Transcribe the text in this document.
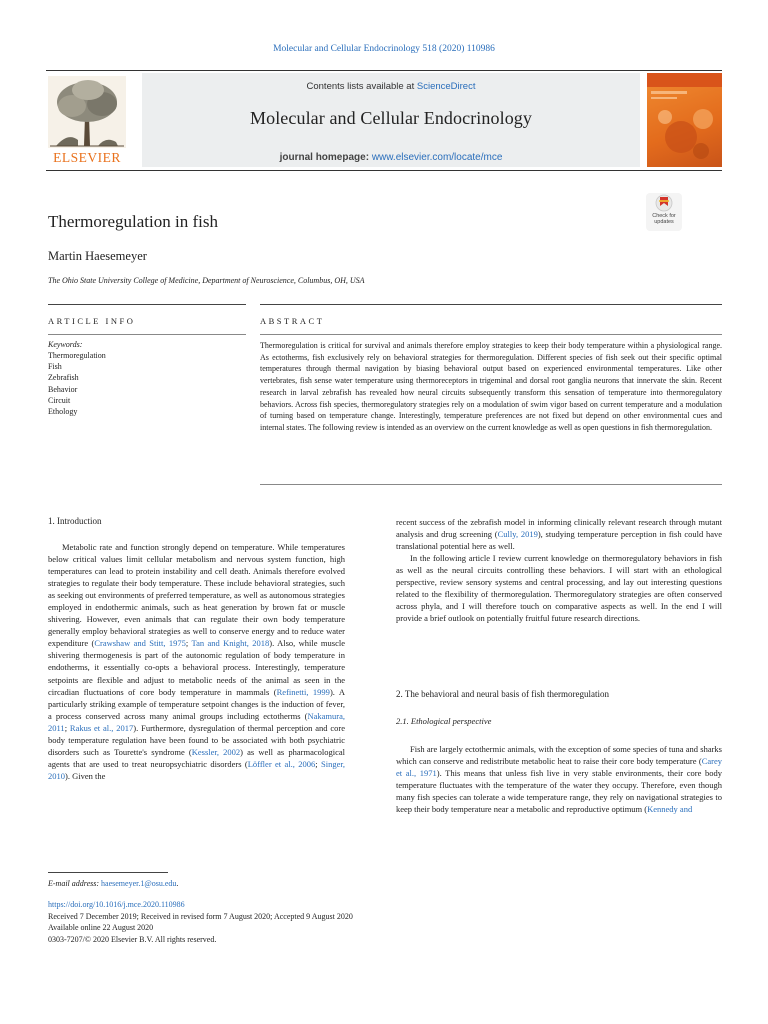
Molecular and Cellular Endocrinology 518 (2020) 110986
ELSEVIER
Contents lists available at ScienceDirect
Molecular and Cellular Endocrinology
journal homepage: www.elsevier.com/locate/mce
Check for updates
Thermoregulation in fish
Martin Haesemeyer
The Ohio State University College of Medicine, Department of Neuroscience, Columbus, OH, USA
ARTICLE INFO	ABSTRACT
Keywords:
Thermoregulation
Fish
Zebrafish
Behavior
Circuit
Ethology
Thermoregulation is critical for survival and animals therefore employ strategies to keep their body temperature within a physiological range. As ectotherms, fish exclusively rely on behavioral strategies for thermoregulation. Different species of fish seek out their specific optimal temperatures through thermal navigation by biasing behavioral output based on experienced environmental temperatures. Like other vertebrates, fish sense water temperature using thermoreceptors in trigeminal and dorsal root ganglia neurons that innervate the skin. Recent research in larval zebrafish has revealed how neural circuits subsequently transform this sensation of temperature into thermoregulatory behaviors. Across fish species, thermoregulatory strategies rely on a modulation of swim vigor based on current temperature and a modulation of turning based on temperature change. Interestingly, temperature preferences are not fixed but depend on other environmental cues and internal states. The following review is intended as an overview on the current knowledge as well as open questions in fish thermoregulation.
1. Introduction

Metabolic rate and function strongly depend on temperature. While temperatures below critical values limit cellular metabolism and nervous system function, high temperatures can lead to protein instability and cell death. Animals therefore evolved strategies to regulate their body temperature. These include behavioral strategies, such as seeking out environments of preferred temperature, as well as autonomous strategies employed in endothermic animals, such as heat generation by brown fat or muscle shivering. However, even animals that can regulate their own body temperature generally employ behavioral strategies as well to conserve energy and to reduce water expenditure (Crawshaw and Stitt, 1975; Tan and Knight, 2018). Also, while muscle shivering thermogenesis is part of the autonomic regulation of body temperature in endotherms, it essentially co-opts a behavioral process. Interestingly, temperature setpoints are flexible and adjust to metabolic needs of the animal as seen in the circadian fluctuations of core body temperature in mammals (Refinetti, 1999). A particularly striking example of temperature setpoint changes is the induction of fever, a process conserved across many animal groups including ectotherms (Nakamura, 2011; Rakus et al., 2017). Furthermore, dysregulation of thermal perception and core body temperature regulation have been found to be associated with both psychiatric disorders such as Tourette's syndrome (Kessler, 2002) as well as pharmacological agents that are used to treat neuropsychiatric disorders (Löffler et al., 2006; Singer, 2010). Given the

recent success of the zebrafish model in informing clinically relevant research through mutant analysis and drug screening (Cully, 2019), studying temperature perception in fish could have translational potential here as well.

In the following article I review current knowledge on thermoregulatory behaviors in fish as well as the neural circuits controlling these behaviors. I will start with an ethological perspective, review sensory systems and central processing, and lay out interesting questions related to the flexibility of thermoregulation. Thermoregulatory strategies are often conserved across phyla, and I will therefore touch on comparative aspects as well. In the end I will provide a brief outlook on potentially fruitful future research directions.

2. The behavioral and neural basis of fish thermoregulation
2.1. Ethological perspective

Fish are largely ectothermic animals, with the exception of some species of tuna and sharks which can conserve and redistribute metabolic heat to raise their core body temperature (Carey et al., 1971). This means that unless fish live in very stable environments, their core body temperature fluctuates with the temperature of the water they occupy. Therefore, even though many fish species can tolerate a wide temperature range, they rely on navigational strategies to keep their body temperature near a metabolic and reproductive optimum (Kennedy and

E-mail address: haesemeyer.1@osu.edu.
https://doi.org/10.1016/j.mce.2020.110986
Received 7 December 2019; Received in revised form 7 August 2020; Accepted 9 August 2020
Available online 22 August 2020
0303-7207/© 2020 Elsevier B.V. All rights reserved.
